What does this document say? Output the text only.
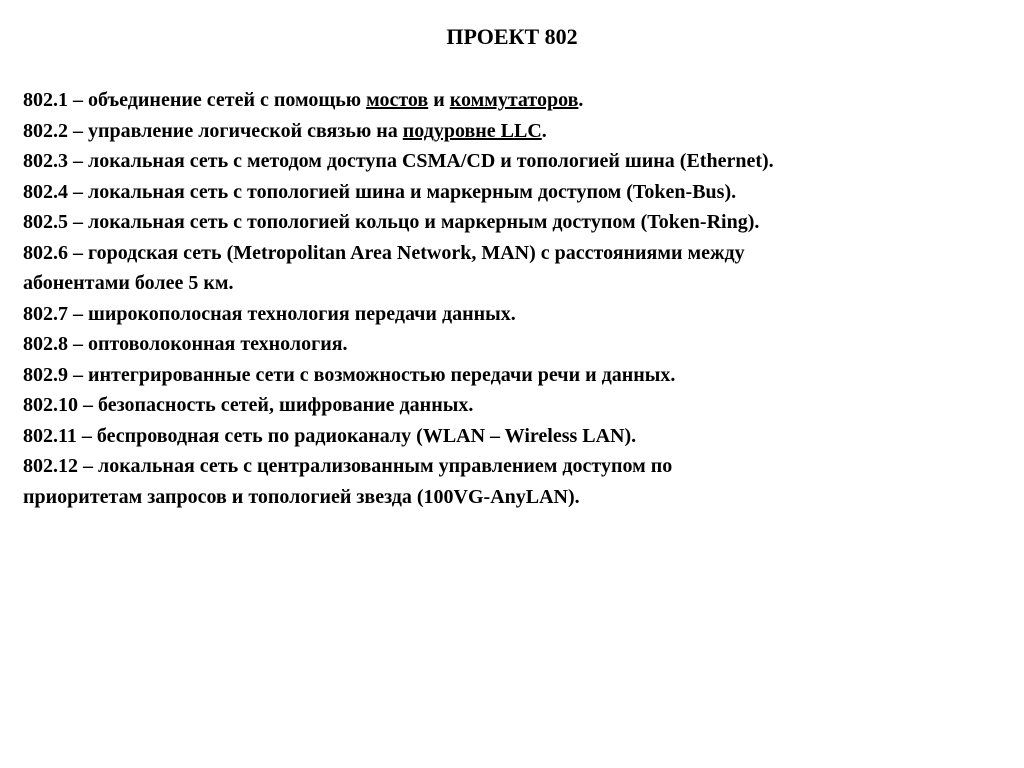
ПРОЕКТ 802
802.1 – объединение сетей с помощью мостов и коммутаторов.
802.2 – управление логической связью на подуровне LLC.
802.3 – локальная сеть с методом доступа CSMA/CD и топологией шина (Ethernet).
802.4 – локальная сеть с топологией шина и маркерным доступом (Token-Bus).
802.5 – локальная сеть с топологией кольцо и маркерным доступом (Token-Ring).
802.6 – городская сеть (Metropolitan Area Network, MAN) с расстояниями между
абонентами более 5 км.
802.7 – широкополосная технология передачи данных.
802.8 – оптоволоконная технология.
802.9 – интегрированные сети с возможностью передачи речи и данных.
802.10 – безопасность сетей, шифрование данных.
802.11 – беспроводная сеть по радиоканалу (WLAN – Wireless LAN).
802.12 – локальная сеть с централизованным управлением доступом по
приоритетам запросов и топологией звезда (100VG-AnyLAN).
